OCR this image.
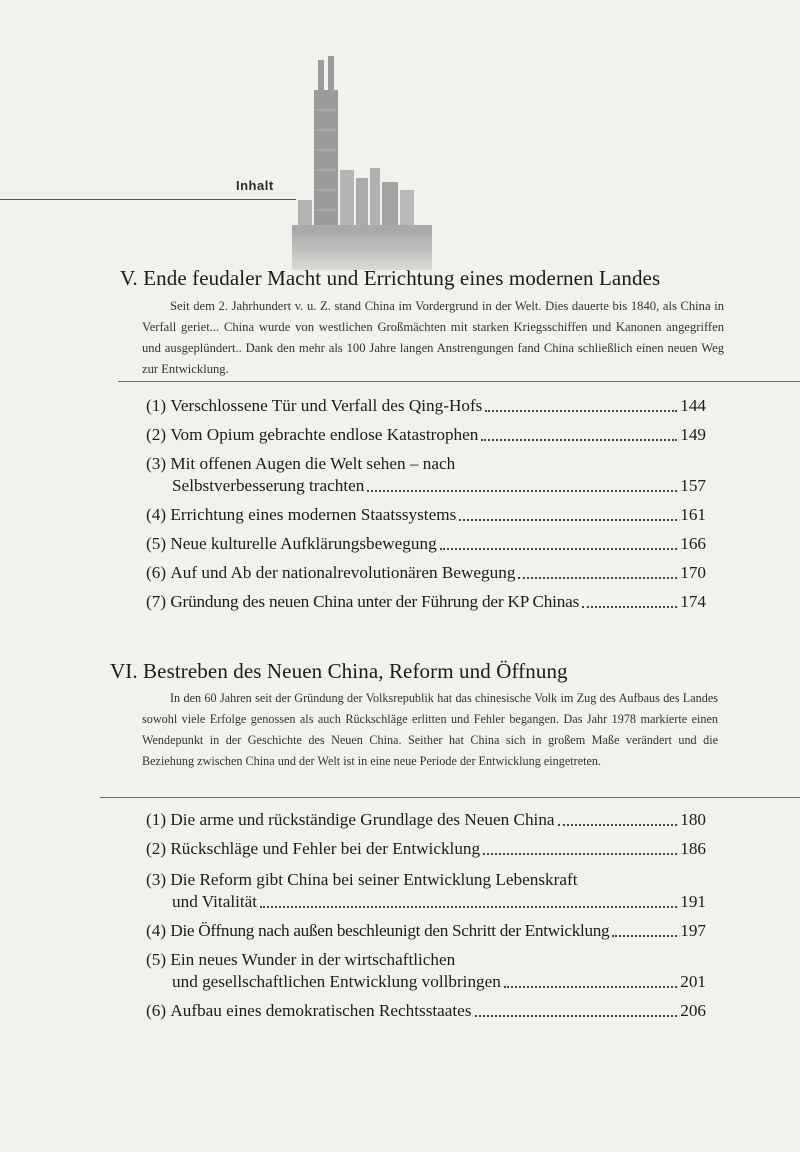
Inhalt
V. Ende feudaler Macht und Errichtung eines modernen Landes
Seit dem 2. Jahrhundert v. u. Z. stand China im Vordergrund in der Welt. Dies dauerte bis 1840, als China in Verfall geriet... China wurde von westlichen Großmächten mit starken Kriegsschiffen und Kanonen angegriffen und ausgeplündert.. Dank den mehr als 100 Jahre langen Anstrengungen fand China schließlich einen neuen Weg zur Entwicklung.
(1)
Verschlossene Tür und Verfall des Qing-Hofs	144
(2)
Vom Opium gebrachte endlose Katastrophen	149
(3) Mit offenen Augen die Welt sehen – nach
Selbstverbesserung trachten	157
(4)
Errichtung eines modernen Staatssystems	161
(5)
Neue kulturelle Aufklärungsbewegung	166
(6)
Auf und Ab der nationalrevolutionären Bewegung	170
(7)
Gründung des neuen China unter der Führung der KP Chinas	174
VI. Bestreben des Neuen China, Reform und Öffnung
In den 60 Jahren seit der Gründung der Volksrepublik hat das chinesische Volk im Zug des Aufbaus des Landes sowohl viele Erfolge genossen als auch Rückschläge erlitten und Fehler begangen. Das Jahr 1978 markierte einen Wendepunkt in der Geschichte des Neuen China. Seither hat China sich in großem Maße verändert und die Beziehung zwischen China und der Welt ist in eine neue Periode der Entwicklung eingetreten.
(1)
Die arme und rückständige Grundlage des Neuen China	180
(2)
Rückschläge und Fehler bei der Entwicklung	186
(3) Die Reform gibt China bei seiner Entwicklung Lebenskraft
und Vitalität	191
(4)
Die Öffnung nach außen beschleunigt den Schritt der Entwicklung	197
(5) Ein neues Wunder in der wirtschaftlichen
und gesellschaftlichen Entwicklung vollbringen	201
(6)
Aufbau eines demokratischen Rechtsstaates	206
